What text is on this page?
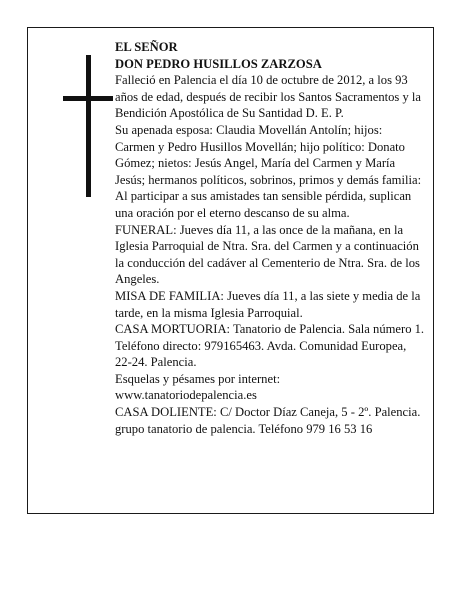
EL SEÑOR

DON PEDRO HUSILLOS ZARZOSA

Falleció en Palencia el día 10 de octubre de 2012, a los 93 años de edad, después de recibir los Santos Sacramentos y la Bendición Apostólica de Su Santidad D. E. P.

Su apenada esposa: Claudia Movellán Antolín; hijos: Carmen y Pedro Husillos Movellán; hijo político: Donato Gómez; nietos: Jesús Angel, María del Carmen y María Jesús; hermanos políticos, sobrinos, primos y demás familia:

Al participar a sus amistades tan sensible pérdida, suplican una oración por el eterno descanso de su alma.

FUNERAL: Jueves día 11, a las once de la mañana, en la Iglesia Parroquial de Ntra. Sra. del Carmen y a continuación la conducción del cadáver al Cementerio de Ntra. Sra. de los Angeles.

MISA DE FAMILIA: Jueves día 11, a las siete y media de la tarde, en la misma Iglesia Parroquial.

CASA MORTUORIA: Tanatorio de Palencia. Sala número 1. Teléfono directo: 979165463. Avda. Comunidad Europea, 22-24. Palencia.

Esquelas y pésames por internet: www.tanatoriodepalencia.es

CASA DOLIENTE: C/ Doctor Díaz Caneja, 5 - 2º. Palencia.

grupo tanatorio de palencia. Teléfono 979 16 53 16
